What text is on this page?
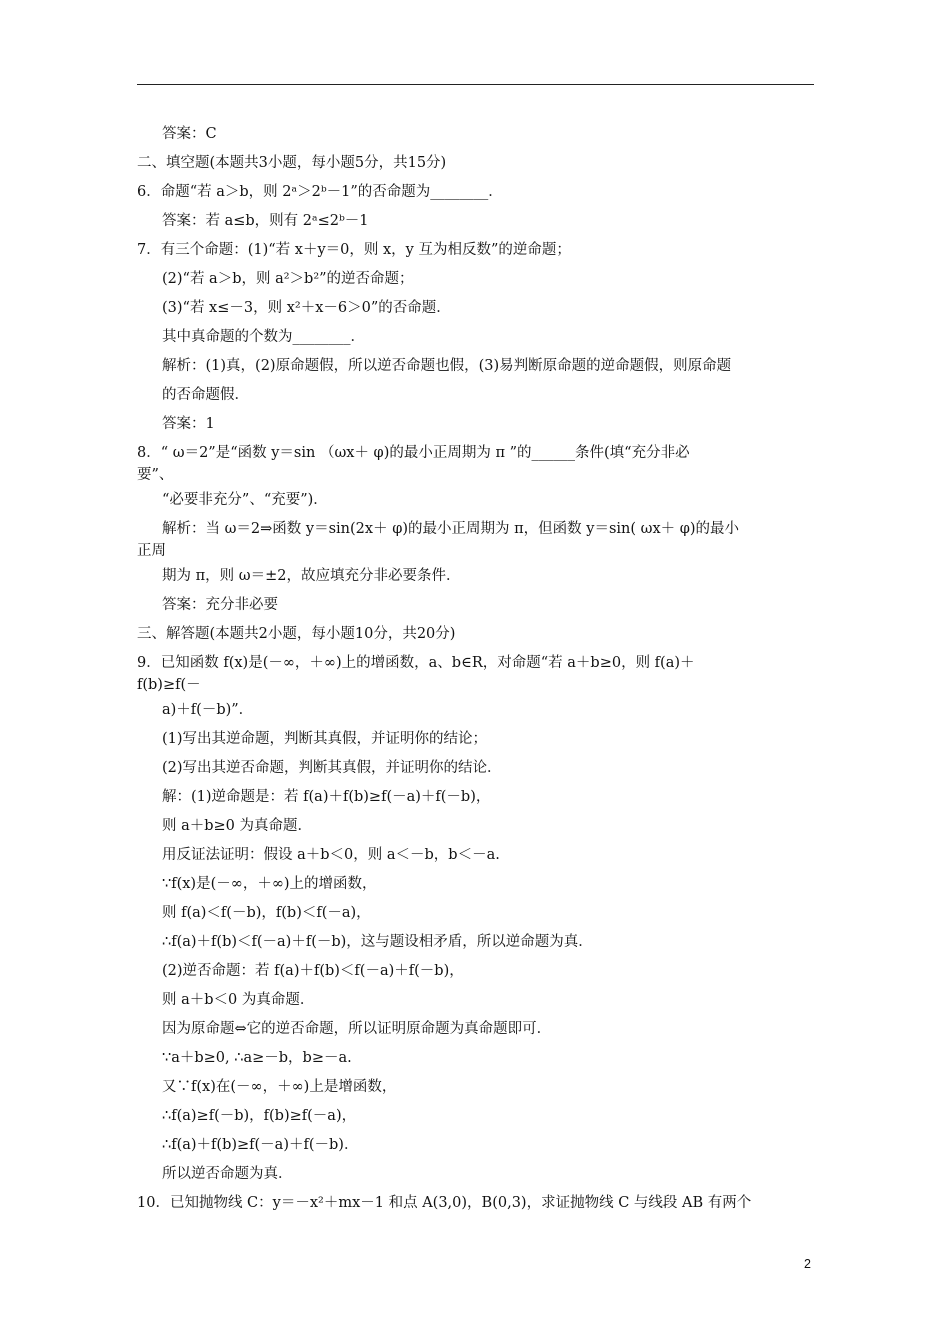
答案：C
二、填空题(本题共3小题，每小题5分，共15分)
6．命题“若 a＞b，则 2ᵃ＞2ᵇ－1”的否命题为________．
答案：若 a≤b，则有 2ᵃ≤2ᵇ－1
7．有三个命题：(1)“若 x＋y＝0，则 x，y 互为相反数”的逆命题；
(2)“若 a＞b，则 a²＞b²”的逆否命题；
(3)“若 x≤－3，则 x²＋x－6＞0”的否命题．
其中真命题的个数为________．
解析：(1)真，(2)原命题假，所以逆否命题也假，(3)易判断原命题的逆命题假，则原命题
的否命题假．
答案：1
8．“ ω＝2”是“函数 y＝sin （ωx＋ φ)的最小正周期为 π ”的______条件(填“充分非必
要”、
“必要非充分”、“充要”)．
解析：当 ω＝2⇒函数 y＝sin(2x＋ φ)的最小正周期为 π，但函数 y＝sin( ωx＋ φ)的最小
正周
期为 π，则 ω＝±2，故应填充分非必要条件．
答案：充分非必要
三、解答题(本题共2小题，每小题10分，共20分)
9．已知函数 f(x)是(－∞，＋∞)上的增函数，a、b∈R，对命题“若 a＋b≥0，则 f(a)＋
f(b)≥f(－
a)＋f(－b)”．
(1)写出其逆命题，判断其真假，并证明你的结论；
(2)写出其逆否命题，判断其真假，并证明你的结论．
解：(1)逆命题是：若 f(a)＋f(b)≥f(－a)＋f(－b)，
则 a＋b≥0 为真命题．
用反证法证明：假设 a＋b＜0，则 a＜－b，b＜－a.
∵f(x)是(－∞，＋∞)上的增函数，
则 f(a)＜f(－b)，f(b)＜f(－a)，
∴f(a)＋f(b)＜f(－a)＋f(－b)，这与题设相矛盾，所以逆命题为真．
(2)逆否命题：若 f(a)＋f(b)＜f(－a)＋f(－b)，
则 a＋b＜0 为真命题．
因为原命题⇔它的逆否命题，所以证明原命题为真命题即可．
∵a＋b≥0, ∴a≥－b，b≥－a.
又∵f(x)在(－∞，＋∞)上是增函数，
∴f(a)≥f(－b)，f(b)≥f(－a)，
∴f(a)＋f(b)≥f(－a)＋f(－b)．
所以逆否命题为真．
10．已知抛物线 C：y＝－x²＋mx－1 和点 A(3,0)，B(0,3)，求证抛物线 C 与线段 AB 有两个
2
